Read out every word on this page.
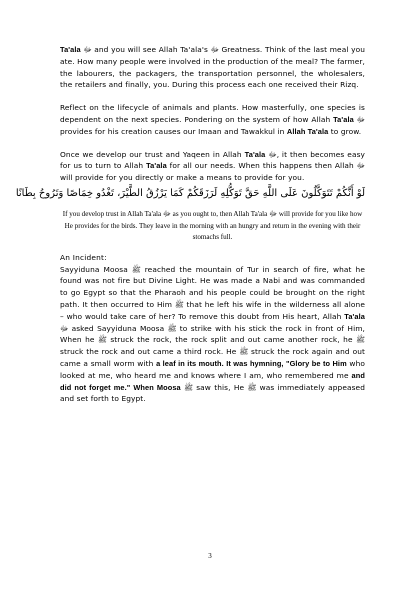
Ta'ala ﷻ and you will see Allah Ta'ala's ﷻ Greatness. Think of the last meal you ate. How many people were involved in the production of the meal? The farmer, the labourers, the packagers, the transportation personnel, the wholesalers, the retailers and finally, you. During this process each one received their Rizq.

Reflect on the lifecycle of animals and plants. How masterfully, one species is dependent on the next species. Pondering on the system of how Allah Ta'ala ﷻ provides for his creation causes our Imaan and Tawakkul in Allah Ta'ala to grow.

Once we develop our trust and Yaqeen in Allah Ta'ala ﷻ, it then becomes easy for us to turn to Allah Ta'ala for all our needs. When this happens then Allah ﷻ will provide for you directly or make a means to provide for you.

لَوْ أَنَّكُمْ تَتَوَكَّلُونَ عَلَى اللَّهِ حَقَّ تَوَكُّلِهِ لَرَزَقَكُمْ كَمَا يَرْزُقُ الطَّيْرَ، تَغْدُو خِمَاصًا وَتَرُوحُ بِطَانًا

If you develop trust in Allah Ta'ala ﷻ as you ought to, then Allah Ta'ala ﷻ will provide for you like how He provides for the birds. They leave in the morning with an hungry and return in the evening with their stomachs full.

An Incident:

Sayyiduna Moosa ﷺ reached the mountain of Tur in search of fire, what he found was not fire but Divine Light. He was made a Nabi and was commanded to go Egypt so that the Pharaoh and his people could be brought on the right path. It then occurred to Him ﷺ that he left his wife in the wilderness all alone – who would take care of her? To remove this doubt from His heart, Allah Ta'ala ﷻ asked Sayyiduna Moosa ﷺ to strike with his stick the rock in front of Him, When he ﷺ struck the rock, the rock split and out came another rock, he ﷺ struck the rock and out came a third rock. He ﷺ struck the rock again and out came a small worm with a leaf in its mouth. It was hymning, "Glory be to Him who looked at me, who heard me and knows where I am, who remembered me and did not forget me." When Moosa ﷺ saw this, He ﷺ was immediately appeased and set forth to Egypt.

3
